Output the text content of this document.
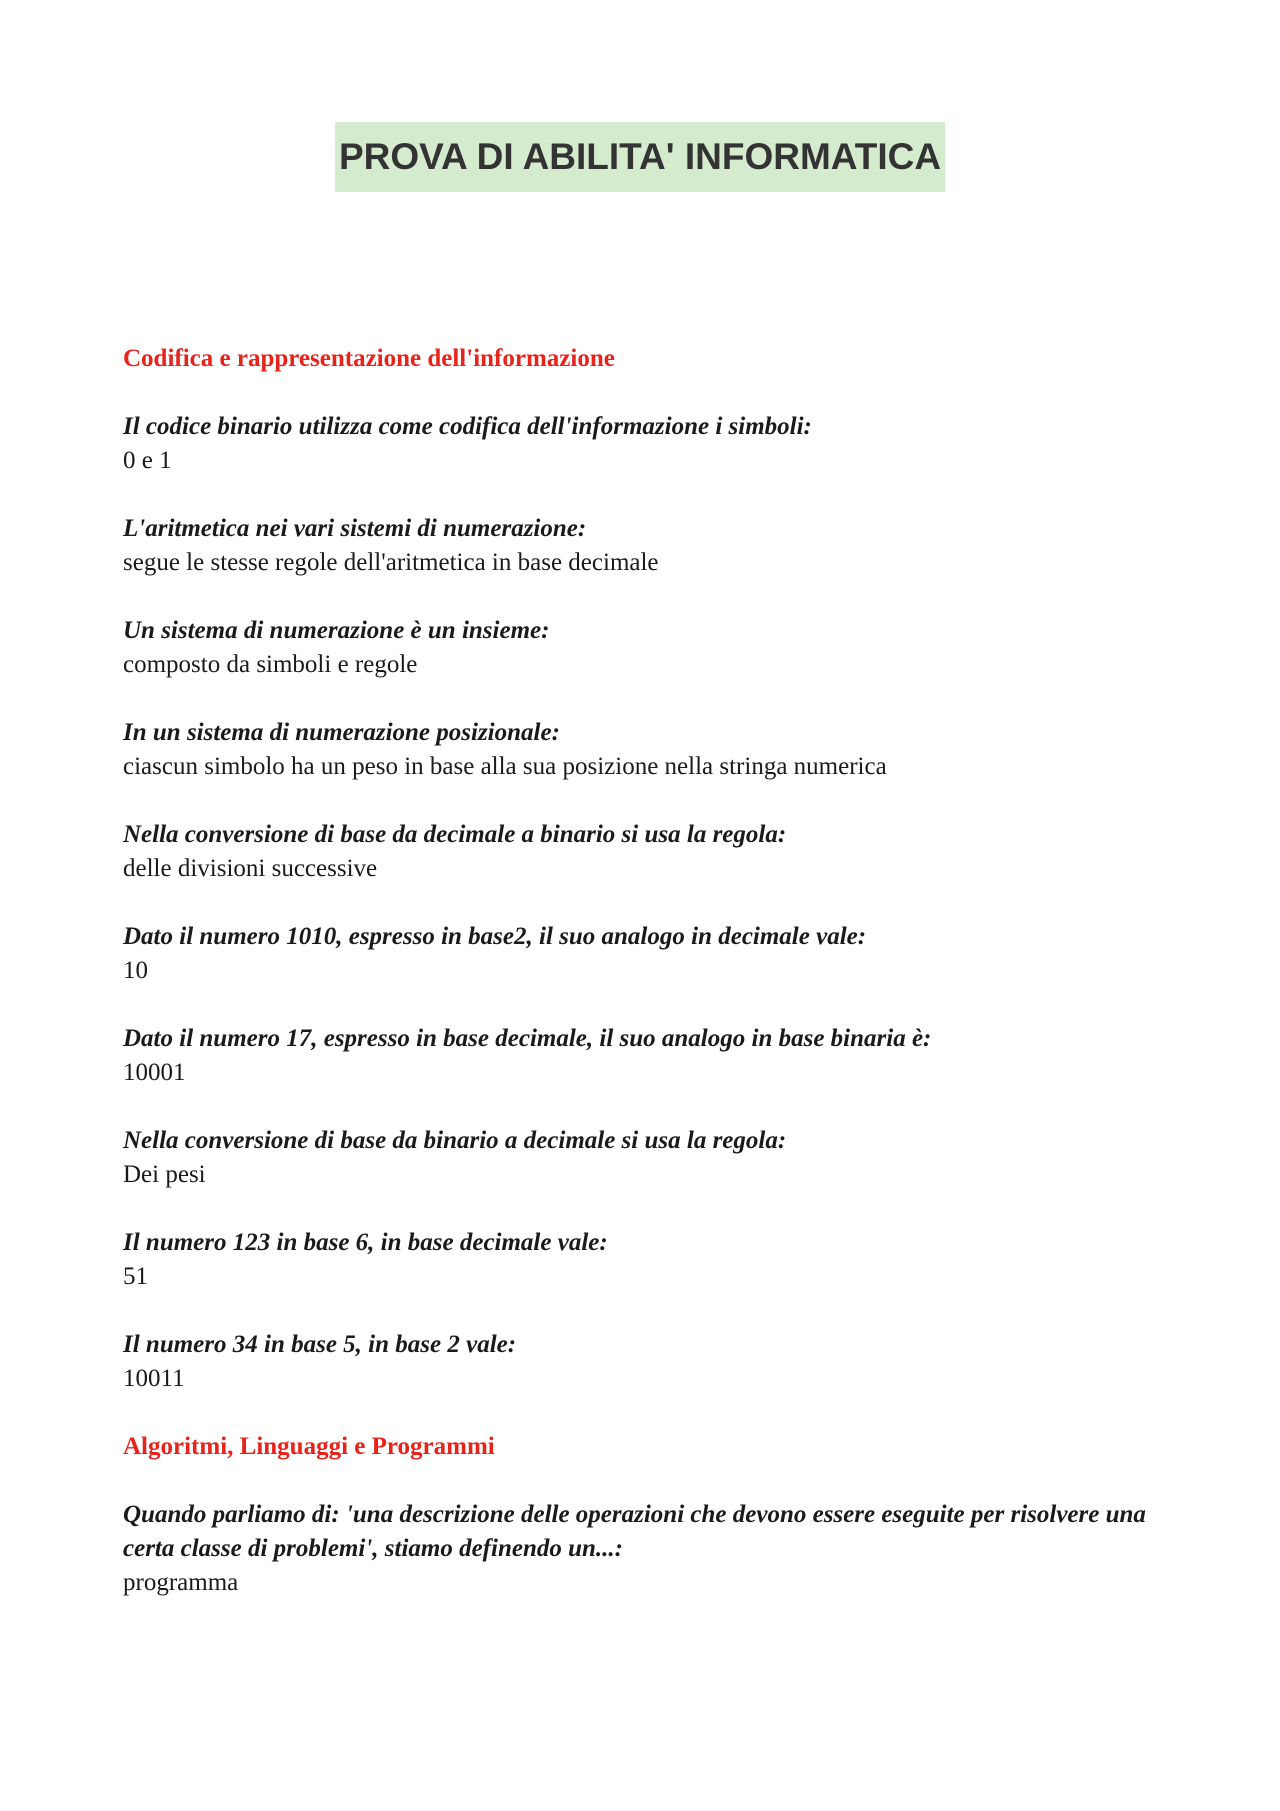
PROVA DI ABILITA' INFORMATICA
Codifica e rappresentazione dell'informazione

Il codice binario utilizza come codifica dell'informazione i simboli:

0 e 1

L'aritmetica nei vari sistemi di numerazione:

segue le stesse regole dell'aritmetica in base decimale

Un sistema di numerazione è un insieme:

composto da simboli e regole

In un sistema di numerazione posizionale:

ciascun simbolo ha un peso in base alla sua posizione nella stringa numerica

Nella conversione di base da decimale a binario si usa la regola:

delle divisioni successive

Dato il numero 1010, espresso in base2, il suo analogo in decimale vale:

10

Dato il numero 17, espresso in base decimale, il suo analogo in base binaria è:

10001

Nella conversione di base da binario a decimale si usa la regola:

Dei pesi

Il numero 123 in base 6, in base decimale vale:

51

Il numero 34 in base 5, in base 2 vale:

10011

Algoritmi, Linguaggi e Programmi

Quando parliamo di: 'una descrizione delle operazioni che devono essere eseguite per risolvere una certa classe di problemi', stiamo definendo un...:

programma
